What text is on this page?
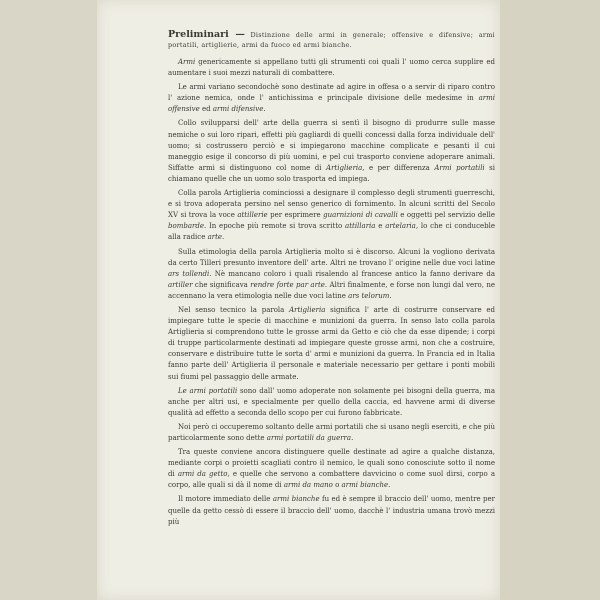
Preliminari — Distinzione delle armi in generale; offensive e difensive; armi portatili, artiglierie, armi da fuoco ed armi bianche.

Armi genericamente si appellano tutti gli strumenti coi quali l' uomo cerca supplire ed aumentare i suoi mezzi naturali di combattere.

Le armi variano secondochè sono destinate ad agire in offesa o a servir di riparo contro l' azione nemica, onde l' antichissima e principale divisione delle medesime in armi offensive ed armi difensive.

Collo svilupparsi dell' arte della guerra si sentì il bisogno di produrre sulle masse nemiche o sui loro ripari, effetti più gagliardi di quelli concessi dalla forza individuale dell' uomo; si costrussero perciò e si impiegarono macchine complicate e pesanti il cui maneggio esige il concorso di più uomini, e pel cui trasporto conviene adoperare animali. Siffatte armi si distinguono col nome di Artiglieria, e per differenza Armi portatili si chiamano quelle che un uomo solo trasporta ed impiega.

Colla parola Artiglieria cominciossi a designare il complesso degli strumenti guerreschi, e si trova adoperata persino nel senso generico di fornimento. In alcuni scritti del Secolo XV si trova la voce attillerie per esprimere guarnizioni di cavalli e oggetti pel servizio delle bombarde. In epoche più remote si trova scritto attillaria e artelaria, lo che ci conduceble alla radice arte.

Sulla etimologia della parola Artiglieria molto si è discorso. Alcuni la vogliono derivata da certo Tilleri presunto inventore dell' arte. Altri ne trovano l' origine nelle due voci latine ars tollendi. Nè mancano coloro i quali risalendo al francese antico la fanno derivare da artiller che significava rendre forte par arte. Altri finalmente, e forse non lungi dal vero, ne accennano la vera etimologia nelle due voci latine ars telorum.

Nel senso tecnico la parola Artiglieria significa l' arte di costrurre conservare ed impiegare tutte le specie di macchine e munizioni da guerra. In senso lato colla parola Artiglieria si comprendono tutte le grosse armi da Getto e ciò che da esse dipende; i corpi di truppe particolarmente destinati ad impiegare queste grosse armi, non che a costruire, conservare e distribuire tutte le sorta d' armi e munizioni da guerra. In Francia ed in Italia fanno parte dell' Artiglieria il personale e materiale necessario per gettare i ponti mobili sui fiumi pel passaggio delle armate.

Le armi portatili sono dall' uomo adoperate non solamente pei bisogni della guerra, ma anche per altri usi, e specialmente per quello della caccia, ed havvene armi di diverse qualità ad effetto a seconda dello scopo per cui furono fabbricate.

Noi però ci occuperemo soltanto delle armi portatili che si usano negli eserciti, e che più particolarmente sono dette armi portatili da guerra.

Tra queste conviene ancora distinguere quelle destinate ad agire a qualche distanza, mediante corpi o proietti scagliati contro il nemico, le quali sono conosciute sotto il nome di armi da getto, e quelle che servono a combattere davvicino o come suol dirsi, corpo a corpo, alle quali si dà il nome di armi da mano o armi bianche.

Il motore immediato delle armi bianche fu ed è sempre il braccio dell' uomo, mentre per quelle da getto cessò di essere il braccio dell' uomo, dacchè l' industria umana trovò mezzi più
